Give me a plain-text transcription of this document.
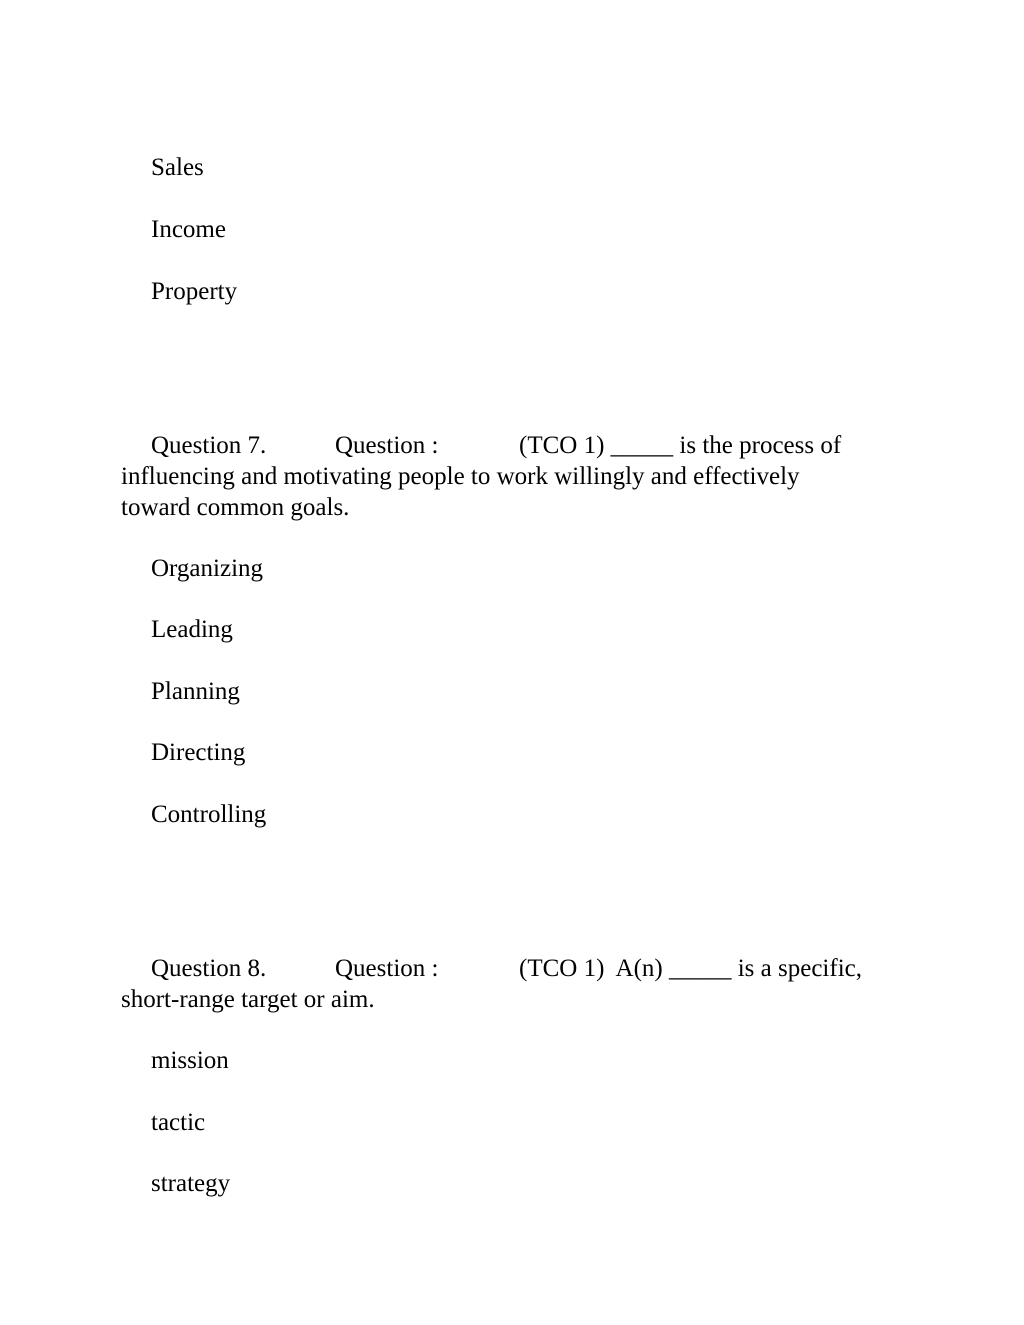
Sales
Income
Property
Question 7.	Question :	(TCO 1) _____ is the process of
influencing and motivating people to work willingly and effectively
toward common goals.
Organizing
Leading
Planning
Directing
Controlling
Question 8.	Question :	(TCO 1)  A(n) _____ is a specific,
short-range target or aim.
mission
tactic
strategy
